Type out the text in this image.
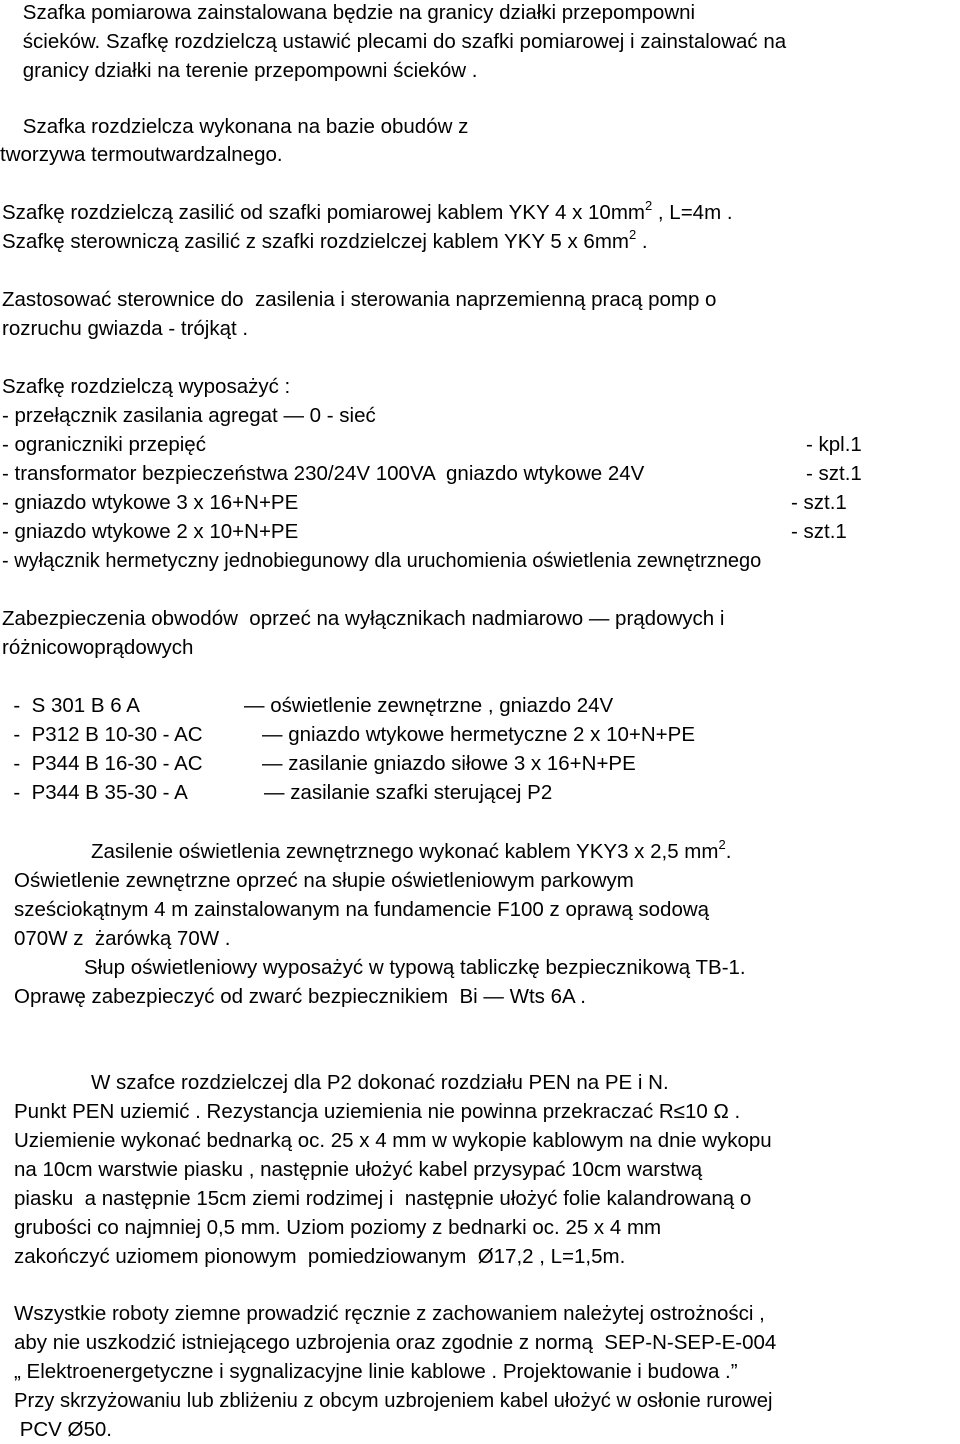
Szafka pomiarowa zainstalowana będzie na granicy działki przepompowni
ścieków. Szafkę rozdzielczą ustawić plecami do szafki pomiarowej i zainstalować na
granicy działki na terenie przepompowni ścieków .
Szafka rozdzielcza wykonana na bazie obudów z
tworzywa termoutwardzalnego.
Szafkę rozdzielczą zasilić od szafki pomiarowej kablem YKY 4 x $10mm^2$ , L=4m .
Szafkę sterowniczą zasilić z szafki rozdzielczej kablem YKY 5 x $6mm^2$ .
Zastosować sterownice do  zasilenia i sterowania naprzemienną pracą pomp o
rozruchu gwiazda - trójkąt .
Szafkę rozdzielczą wyposażyć :
- przełącznik zasilania agregat — 0 - sieć
- ograniczniki przepięć	- kpl.1
- transformator bezpieczeństwa 230/24V 100VA  gniazdo wtykowe 24V	- szt.1
- gniazdo wtykowe 3 x 16+N+PE	- szt.1
- gniazdo wtykowe 2 x 10+N+PE	- szt.1
- wyłącznik hermetyczny jednobiegunowy dla uruchomienia oświetlenia zewnętrznego
Zabezpieczenia obwodów  oprzeć na wyłącznikach nadmiarowo — prądowych i
różnicowoprądowych
-  S 301 B 6 A	— oświetlenie zewnętrzne , gniazdo 24V
-  P312 B 10-30 - AC	— gniazdo wtykowe hermetyczne 2 x 10+N+PE
-  P344 B 16-30 - AC	— zasilanie gniazdo siłowe 3 x 16+N+PE
-  P344 B 35-30 - A	— zasilanie szafki sterującej P2
Zasilenie oświetlenia zewnętrznego wykonać kablem YKY3 x 2,5 $mm^2$.
Oświetlenie zewnętrzne oprzeć na słupie oświetleniowym parkowym
sześciokątnym 4 m zainstalowanym na fundamencie F100 z oprawą sodową
070W z  żarówką 70W .
Słup oświetleniowy wyposażyć w typową tabliczkę bezpiecznikową TB-1.
Oprawę zabezpieczyć od zwarć bezpiecznikiem  Bi — Wts 6A .
W szafce rozdzielczej dla P2 dokonać rozdziału PEN na PE i N.
Punkt PEN uziemić . Rezystancja uziemienia nie powinna przekraczać R≤10 Ω .
Uziemienie wykonać bednarką oc. 25 x 4 mm w wykopie kablowym na dnie wykopu
na 10cm warstwie piasku , następnie ułożyć kabel przysypać 10cm warstwą
piasku  a następnie 15cm ziemi rodzimej i  następnie ułożyć folie kalandrowaną o
grubości co najmniej 0,5 mm. Uziom poziomy z bednarki oc. 25 x 4 mm
zakończyć uziomem pionowym  pomiedziowanym  Ø17,2 , L=1,5m.
Wszystkie roboty ziemne prowadzić ręcznie z zachowaniem należytej ostrożności ,
aby nie uszkodzić istniejącego uzbrojenia oraz zgodnie z normą  SEP-N-SEP-E-004
„ Elektroenergetyczne i sygnalizacyjne linie kablowe . Projektowanie i budowa .”
Przy skrzyżowaniu lub zbliżeniu z obcym uzbrojeniem kabel ułożyć w osłonie rurowej
PCV Ø50.
